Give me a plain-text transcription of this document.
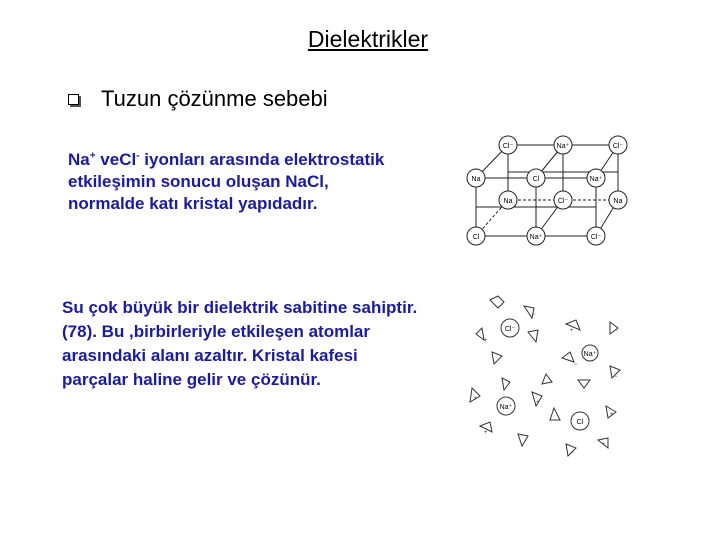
Dielektrikler
Tuzun çözünme sebebi
Na+ veCl- iyonları arasında elektrostatik etkileşimin sonucu oluşan NaCl, normalde katı kristal yapıdadır.
Su çok büyük bir dielektrik sabitine sahiptir. (78). Bu ,birbirleriyle etkileşen atomlar arasındaki alanı azaltır. Kristal kafesi parçalar haline gelir ve çözünür.
Cl⁻	Na⁺	Cl⁻
Na	Cl	Na⁺
Na	Cl⁻	Na
Cl	Na⁺	Cl⁻
Cl⁻
Na⁺
Na⁺
Cl
+
−
+	−
−
−
+
+
+
+
−
+
